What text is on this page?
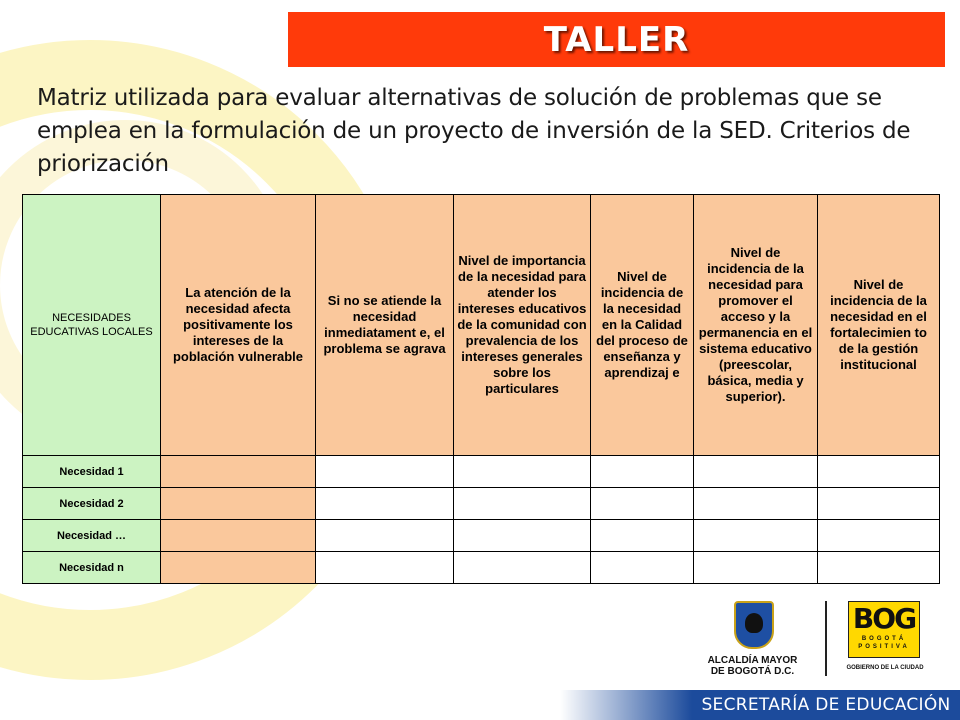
TALLER
Matriz utilizada para evaluar alternativas de solución de problemas que se emplea en la formulación de un proyecto de inversión de la SED. Criterios de priorización
NECESIDADES EDUCATIVAS LOCALES	La atención de la necesidad afecta positivamente los intereses de la población vulnerable	Si no se atiende la necesidad inmediatament e, el problema se agrava	Nivel de importancia de la necesidad para atender los intereses educativos de la comunidad con prevalencia de los intereses generales sobre los particulares	Nivel de incidencia de la necesidad en la Calidad del proceso de enseñanza y aprendizaj e	Nivel de incidencia de la necesidad para promover el acceso y la permanencia en el sistema educativo (preescolar, básica, media y superior).	Nivel de incidencia de la necesidad en el fortalecimien to de la gestión institucional
Necesidad 1						
Necesidad 2						
Necesidad …						
Necesidad n						
ALCALDÍA MAYOR
DE BOGOTÁ D.C.
BOG
BOGOTÁ
POSITIVA
GOBIERNO DE LA CIUDAD
SECRETARÍA DE EDUCACIÓN
